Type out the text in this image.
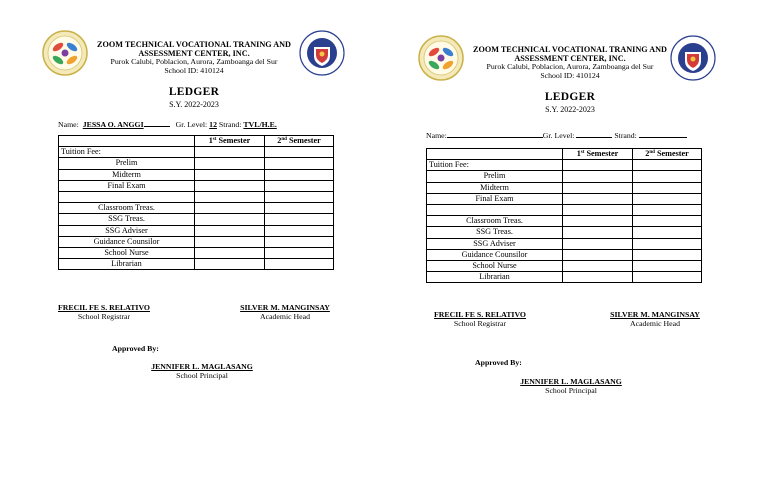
ZOOM TECHNICAL VOCATIONAL TRANING AND ASSESSMENT CENTER, INC.
Purok Calubi, Poblacion, Aurora, Zamboanga del Sur
School ID: 410124
LEDGER
S.Y. 2022-2023
Name: JESSA O. ANGGI	Gr. Level: 12 Strand: TVL/H.E.
	1st Semester	2nd Semester
Tuition Fee:		
Prelim		
Midterm		
Final Exam		

Classroom Treas.		
SSG Treas.		
SSG Adviser		
Guidance Counsilor		
School Nurse		
Librarian		
FRECIL FE S. RELATIVO
School Registrar
SILVER M. MANGINSAY
Academic Head
Approved By:
JENNIFER L. MAGLASANG
School Principal
ZOOM TECHNICAL VOCATIONAL TRANING AND ASSESSMENT CENTER, INC.
Purok Calubi, Poblacion, Aurora, Zamboanga del Sur
School ID: 410124
LEDGER
S.Y. 2022-2023
Name:	Gr. Level:	Strand:
	1st Semester	2nd Semester
Tuition Fee:		
Prelim		
Midterm		
Final Exam		

Classroom Treas.		
SSG Treas.		
SSG Adviser		
Guidance Counsilor		
School Nurse		
Librarian		
FRECIL FE S. RELATIVO
School Registrar
SILVER M. MANGINSAY
Academic Head
Approved By:
JENNIFER L. MAGLASANG
School Principal
